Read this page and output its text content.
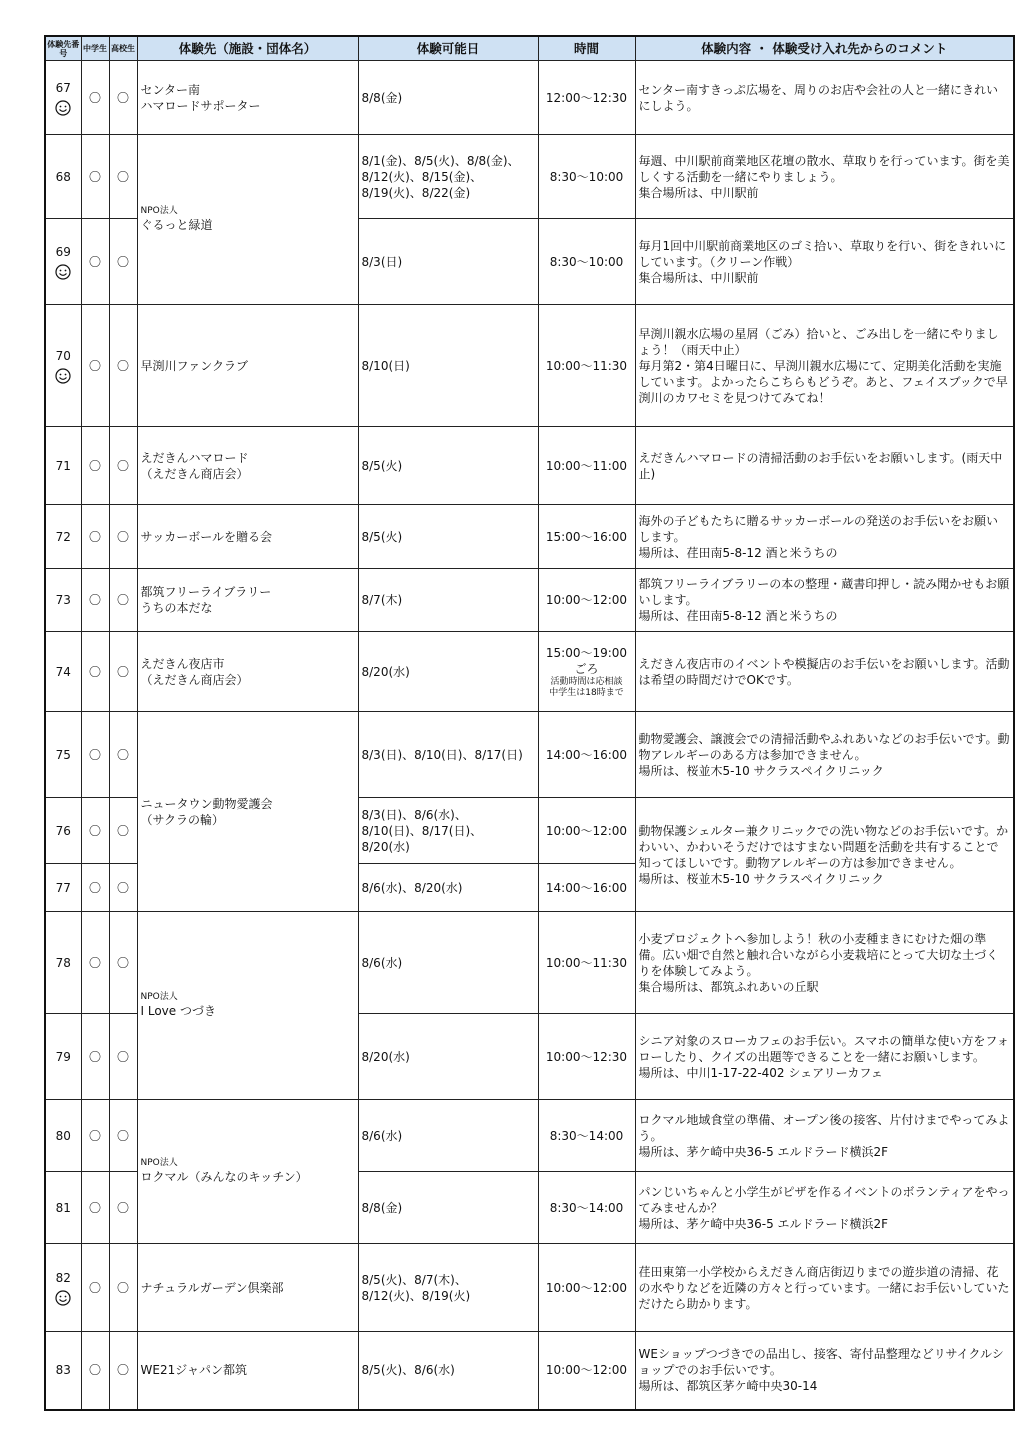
体験先番号	中学生	高校生	体験先（施設・団体名）	体験可能日	時間	体験内容 ・ 体験受け入れ先からのコメント
67	〇	〇	センター南
ハマロードサポーター	8/8(金)	12:00～12:30	センター南すきっぷ広場を、周りのお店や会社の人と一緒にきれいにしよう。
68	〇	〇	NPO法人
ぐるっと緑道	8/1(金)、8/5(火)、8/8(金)、
8/12(火)、8/15(金)、
8/19(火)、8/22(金)	8:30～10:00	毎週、中川駅前商業地区花壇の散水、草取りを行っています。街を美しくする活動を一緒にやりましょう。
集合場所は、中川駅前
69	〇	〇		8/3(日)	8:30～10:00	毎月1回中川駅前商業地区のゴミ拾い、草取りを行い、街をきれいにしています。（クリーン作戦）
集合場所は、中川駅前
70	〇	〇	早渕川ファンクラブ	8/10(日)	10:00～11:30	早渕川親水広場の星屑（ごみ）拾いと、ごみ出しを一緒にやりましょう！（雨天中止）
毎月第2・第4日曜日に、早渕川親水広場にて、定期美化活動を実施しています。よかったらこちらもどうぞ。あと、フェイスブックで早渕川のカワセミを見つけてみてね！
71	〇	〇	えだきんハマロード
（えだきん商店会）	8/5(火)	10:00～11:00	えだきんハマロードの清掃活動のお手伝いをお願いします。(雨天中止)
72	〇	〇	サッカーボールを贈る会	8/5(火)	15:00～16:00	海外の子どもたちに贈るサッカーボールの発送のお手伝いをお願いします。
場所は、荏田南5-8-12 酒と米うちの
73	〇	〇	都筑フリーライブラリー
うちの本だな	8/7(木)	10:00～12:00	都筑フリーライブラリーの本の整理・蔵書印押し・読み聞かせもお願いします。
場所は、荏田南5-8-12 酒と米うちの
74	〇	〇	えだきん夜店市
（えだきん商店会）	8/20(水)	15:00～19:00
ごろ
活動時間は応相談
中学生は18時まで	えだきん夜店市のイベントや模擬店のお手伝いをお願いします。活動は希望の時間だけでOKです。
75	〇	〇	ニュータウン動物愛護会
（サクラの輪）	8/3(日)、8/10(日)、8/17(日)	14:00～16:00	動物愛護会、譲渡会での清掃活動やふれあいなどのお手伝いです。動物アレルギーのある方は参加できません。
場所は、桜並木5-10 サクラスペイクリニック
76	〇	〇		8/3(日)、8/6(水)、
8/10(日)、8/17(日)、
8/20(水)	10:00～12:00	動物保護シェルター兼クリニックでの洗い物などのお手伝いです。かわいい、かわいそうだけではすまない問題を活動を共有することで知ってほしいです。動物アレルギーの方は参加できません。
場所は、桜並木5-10 サクラスペイクリニック
77	〇	〇		8/6(水)、8/20(水)	14:00～16:00	
78	〇	〇	NPO法人
I Love つづき	8/6(水)	10:00～11:30	小麦プロジェクトへ参加しよう！秋の小麦種まきにむけた畑の準備。広い畑で自然と触れ合いながら小麦栽培にとって大切な土づくりを体験してみよう。
集合場所は、都筑ふれあいの丘駅
79	〇	〇		8/20(水)	10:00～12:30	シニア対象のスローカフェのお手伝い。スマホの簡単な使い方をフォローしたり、クイズの出題等できることを一緒にお願いします。
場所は、中川1-17-22-402 シェアリーカフェ
80	〇	〇	NPO法人
ロクマル（みんなのキッチン）	8/6(水)	8:30～14:00	ロクマル地域食堂の準備、オープン後の接客、片付けまでやってみよう。
場所は、茅ケ崎中央36-5 エルドラード横浜2F
81	〇	〇		8/8(金)	8:30～14:00	パンじいちゃんと小学生がピザを作るイベントのボランティアをやってみませんか？
場所は、茅ケ崎中央36-5 エルドラード横浜2F
82	〇	〇	ナチュラルガーデン倶楽部	8/5(火)、8/7(木)、
8/12(火)、8/19(火)	10:00～12:00	荏田東第一小学校からえだきん商店街辺りまでの遊歩道の清掃、花の水やりなどを近隣の方々と行っています。一緒にお手伝いしていただけたら助かります。
83	〇	〇	WE21ジャパン都筑	8/5(火)、8/6(水)	10:00～12:00	WEショップつづきでの品出し、接客、寄付品整理などリサイクルショップでのお手伝いです。
場所は、都筑区茅ケ崎中央30-14
